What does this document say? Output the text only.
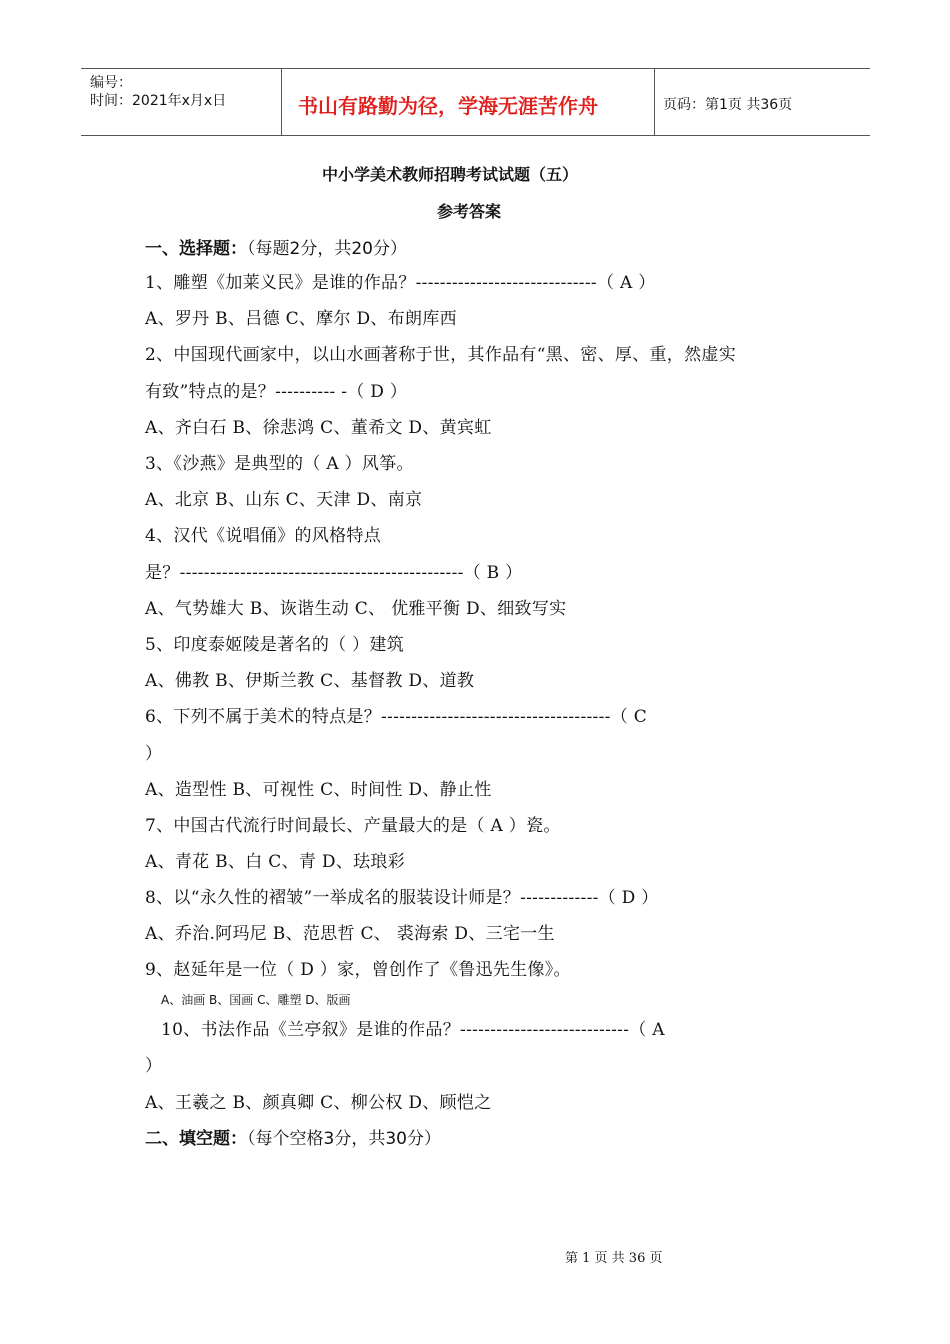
编号：
时间：2021年x月x日	书山有路勤为径，学海无涯苦作舟	页码：第1页 共36页
中小学美术教师招聘考试试题（五）
参考答案
一、选择题：（每题2分，共20分）
1、雕塑《加莱义民》是谁的作品？------------------------------（ A ）
A、罗丹 B、吕德 C、摩尔 D、布朗库西
2、中国现代画家中，以山水画著称于世，其作品有“黑、密、厚、重，然虚实
有致”特点的是？---------- -（ D ）
A、齐白石 B、徐悲鸿 C、董希文 D、黄宾虹
3、《沙燕》是典型的（ A ）风筝。
A、北京 B、山东 C、天津 D、南京
4、汉代《说唱俑》的风格特点
是？-----------------------------------------------（ B ）
A、气势雄大 B、诙谐生动 C、 优雅平衡 D、细致写实
5、印度泰姬陵是著名的（ ）建筑
A、佛教 B、伊斯兰教 C、基督教 D、道教
6、下列不属于美术的特点是？--------------------------------------（ C
）
A、造型性 B、可视性 C、时间性 D、静止性
7、中国古代流行时间最长、产量最大的是（ A ）瓷。
A、青花 B、白 C、青 D、珐琅彩
8、以“永久性的褶皱”一举成名的服装设计师是？-------------（ D ）
A、乔治.阿玛尼 B、范思哲 C、 裘海索 D、三宅一生
9、赵延年是一位（ D ）家，曾创作了《鲁迅先生像》。
A、油画 B、国画 C、雕塑 D、版画
10、书法作品《兰亭叙》是谁的作品？----------------------------（ A
）
A、王羲之 B、颜真卿 C、柳公权 D、顾恺之
二、填空题：（每个空格3分，共30分）
第 1 页 共 36 页
